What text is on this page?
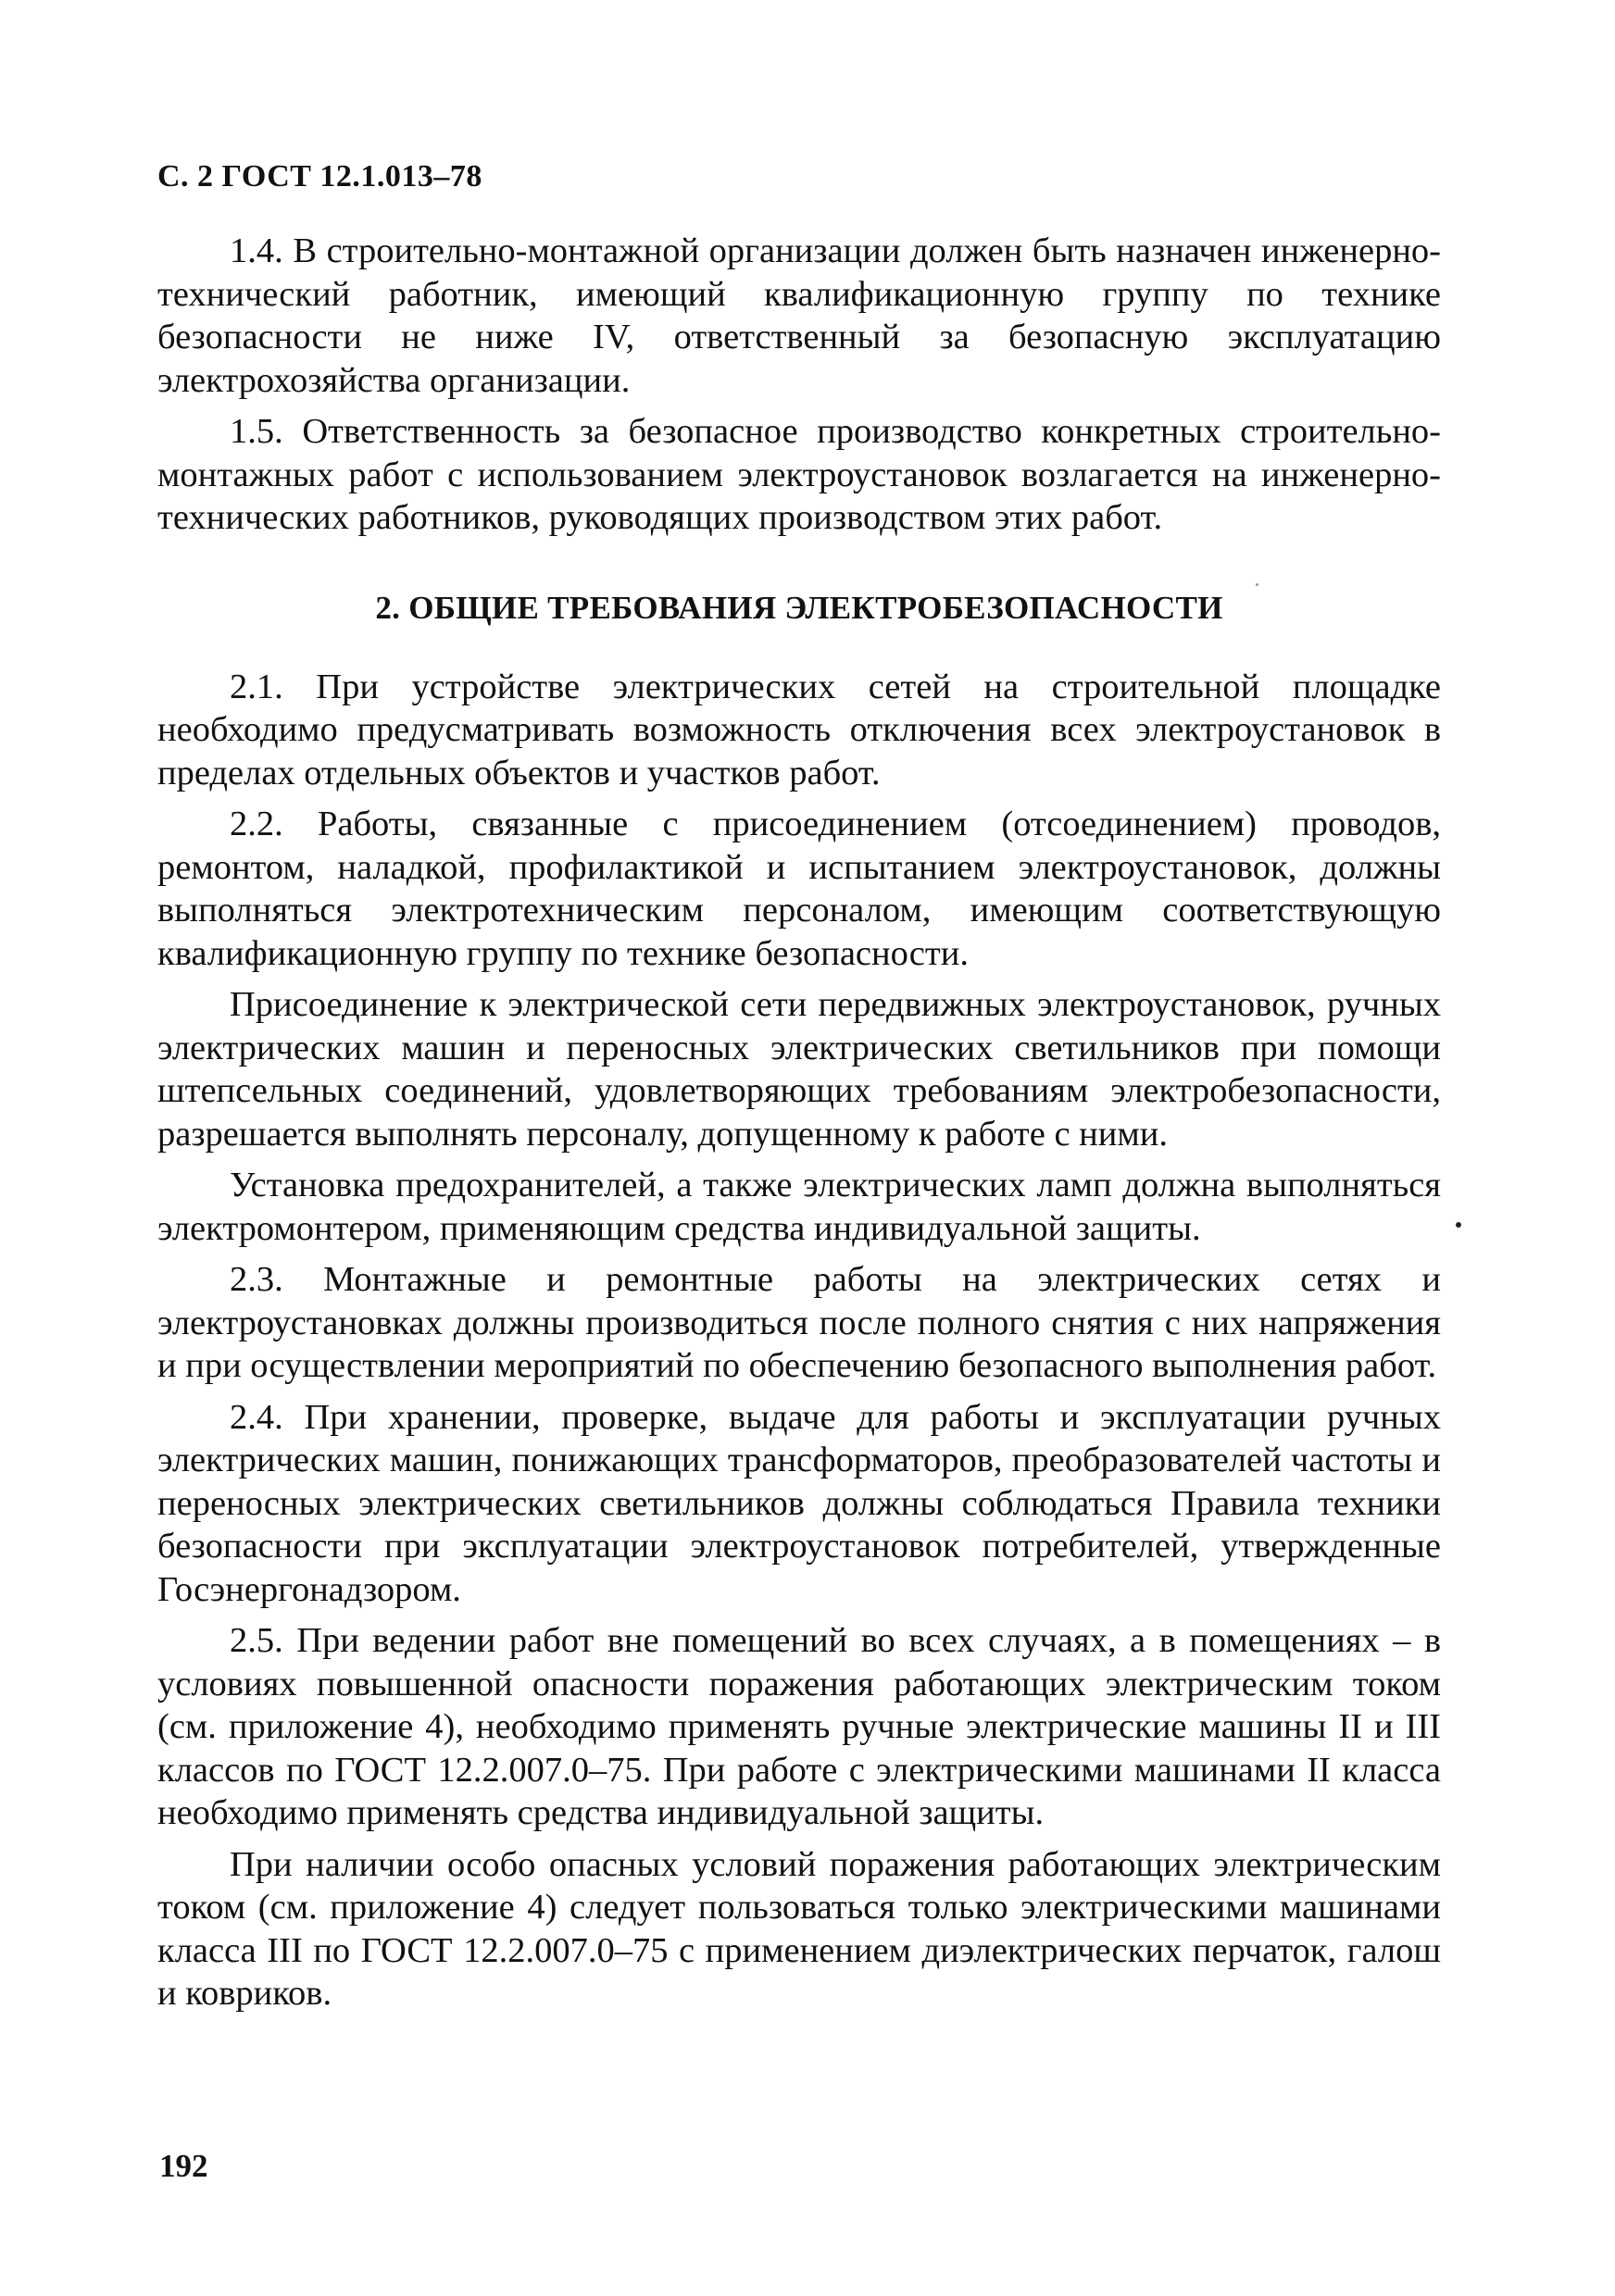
С. 2 ГОСТ 12.1.013–78

1.4. В строительно-монтажной организации должен быть назначен инженерно-технический работник, имеющий квалификационную группу по технике безопасности не ниже IV, ответственный за безопасную эксплуатацию электрохозяйства организации.

1.5. Ответственность за безопасное производство конкретных строительно-монтажных работ с использованием электроустановок возлагается на инженерно-технических работников, руководящих производством этих работ.

2. ОБЩИЕ ТРЕБОВАНИЯ ЭЛЕКТРОБЕЗОПАСНОСТИ

2.1. При устройстве электрических сетей на строительной площадке необходимо предусматривать возможность отключения всех электроустановок в пределах отдельных объектов и участков работ.

2.2. Работы, связанные с присоединением (отсоединением) проводов, ремонтом, наладкой, профилактикой и испытанием электроустановок, должны выполняться электротехническим персоналом, имеющим соответствующую квалификационную группу по технике безопасности.

Присоединение к электрической сети передвижных электроустановок, ручных электрических машин и переносных электрических светильников при помощи штепсельных соединений, удовлетворяющих требованиям электробезопасности, разрешается выполнять персоналу, допущенному к работе с ними.

Установка предохранителей, а также электрических ламп должна выполняться электромонтером, применяющим средства индивидуальной защиты.

2.3. Монтажные и ремонтные работы на электрических сетях и электроустановках должны производиться после полного снятия с них напряжения и при осуществлении мероприятий по обеспечению безопасного выполнения работ.

2.4. При хранении, проверке, выдаче для работы и эксплуатации ручных электрических машин, понижающих трансформаторов, преобразователей частоты и переносных электрических светильников должны соблюдаться Правила техники безопасности при эксплуатации электроустановок потребителей, утвержденные Госэнергонадзором.

2.5. При ведении работ вне помещений во всех случаях, а в помещениях – в условиях повышенной опасности поражения работающих электрическим током (см. приложение 4), необходимо применять ручные электрические машины II и III классов по ГОСТ 12.2.007.0–75. При работе с электрическими машинами II класса необходимо применять средства индивидуальной защиты.

При наличии особо опасных условий поражения работающих электрическим током (см. приложение 4) следует пользоваться только электрическими машинами класса III по ГОСТ 12.2.007.0–75 с применением диэлектрических перчаток, галош и ковриков.

192
